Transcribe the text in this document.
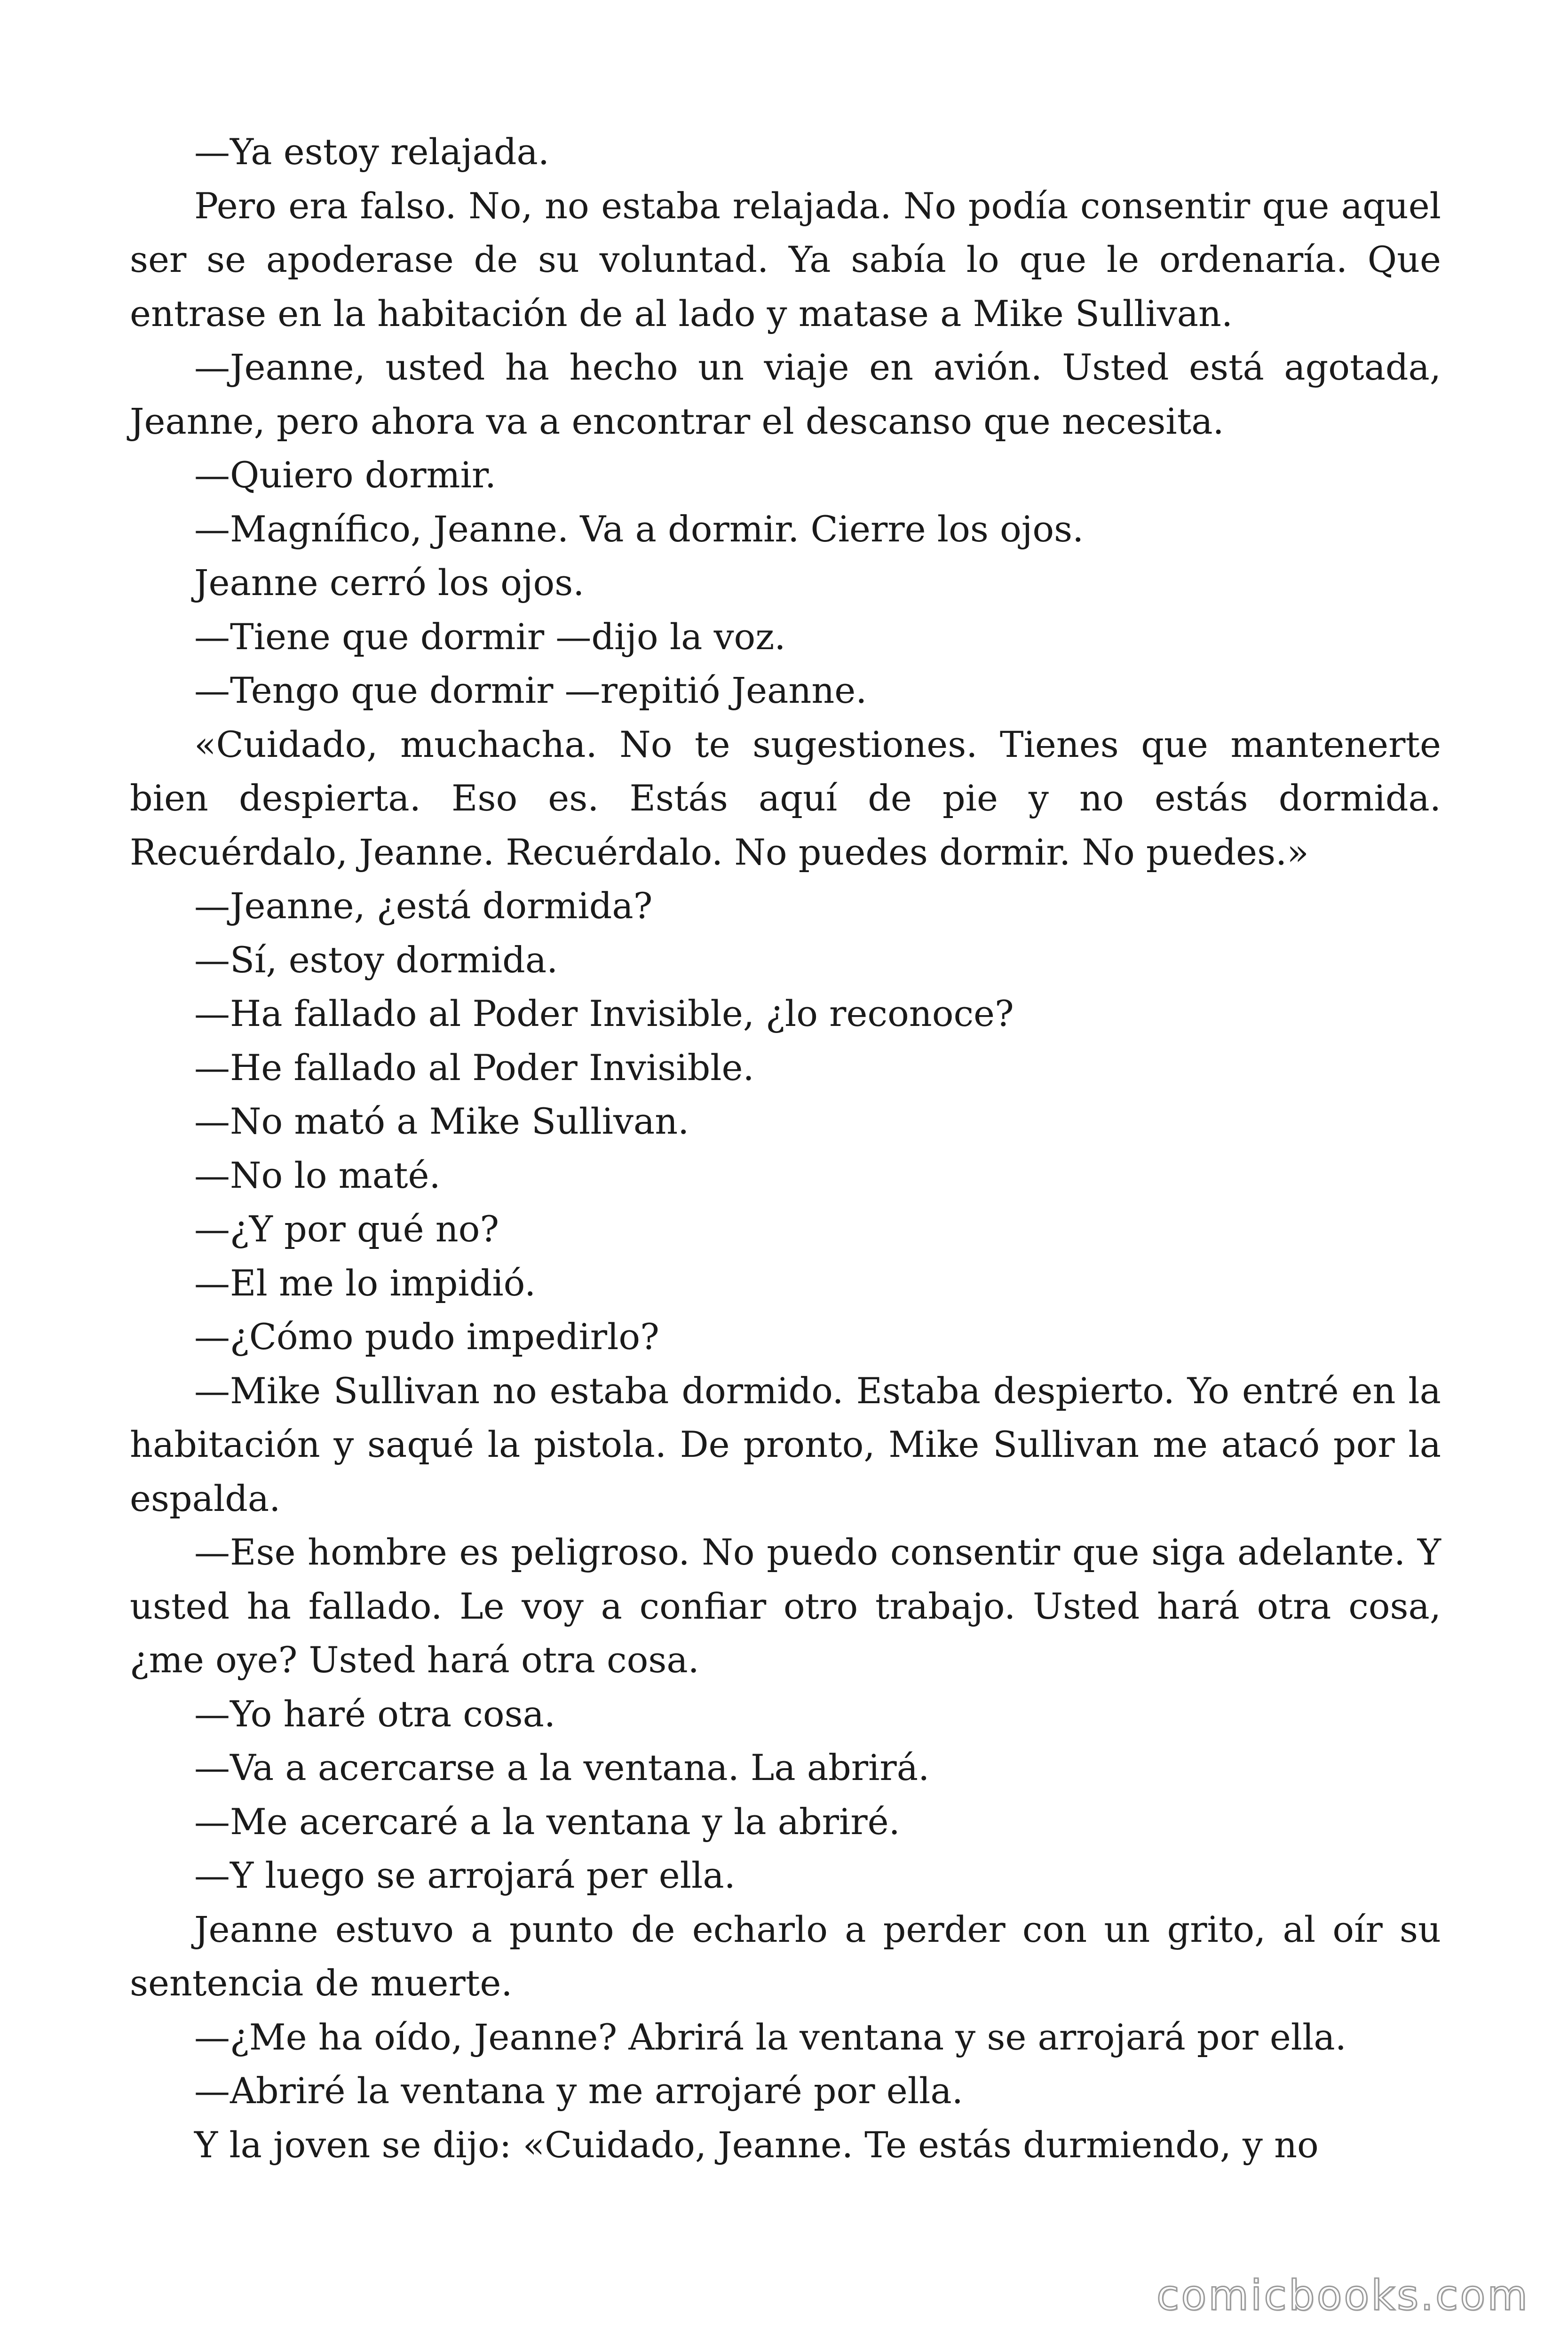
—Ya estoy relajada.

Pero era falso. No, no estaba relajada. No podía consentir que aquel ser se apoderase de su voluntad. Ya sabía lo que le ordenaría. Que entrase en la habitación de al lado y matase a Mike Sullivan.

—Jeanne, usted ha hecho un viaje en avión. Usted está agotada, Jeanne, pero ahora va a encontrar el descanso que necesita.

—Quiero dormir.

—Magnífico, Jeanne. Va a dormir. Cierre los ojos.

Jeanne cerró los ojos.

—Tiene que dormir —dijo la voz.

—Tengo que dormir —repitió Jeanne.

«Cuidado, muchacha. No te sugestiones. Tienes que mantenerte bien despierta. Eso es. Estás aquí de pie y no estás dormida. Recuérdalo, Jeanne. Recuérdalo. No puedes dormir. No puedes.»

—Jeanne, ¿está dormida?

—Sí, estoy dormida.

—Ha fallado al Poder Invisible, ¿lo reconoce?

—He fallado al Poder Invisible.

—No mató a Mike Sullivan.

—No lo maté.

—¿Y por qué no?

—El me lo impidió.

—¿Cómo pudo impedirlo?

—Mike Sullivan no estaba dormido. Estaba despierto. Yo entré en la habitación y saqué la pistola. De pronto, Mike Sullivan me atacó por la espalda.

—Ese hombre es peligroso. No puedo consentir que siga adelante. Y usted ha fallado. Le voy a confiar otro trabajo. Usted hará otra cosa, ¿me oye? Usted hará otra cosa.

—Yo haré otra cosa.

—Va a acercarse a la ventana. La abrirá.

—Me acercaré a la ventana y la abriré.

—Y luego se arrojará per ella.

Jeanne estuvo a punto de echarlo a perder con un grito, al oír su sentencia de muerte.

—¿Me ha oído, Jeanne? Abrirá la ventana y se arrojará por ella.

—Abriré la ventana y me arrojaré por ella.

Y la joven se dijo: «Cuidado, Jeanne. Te estás durmiendo, y no

comicbooks.com
